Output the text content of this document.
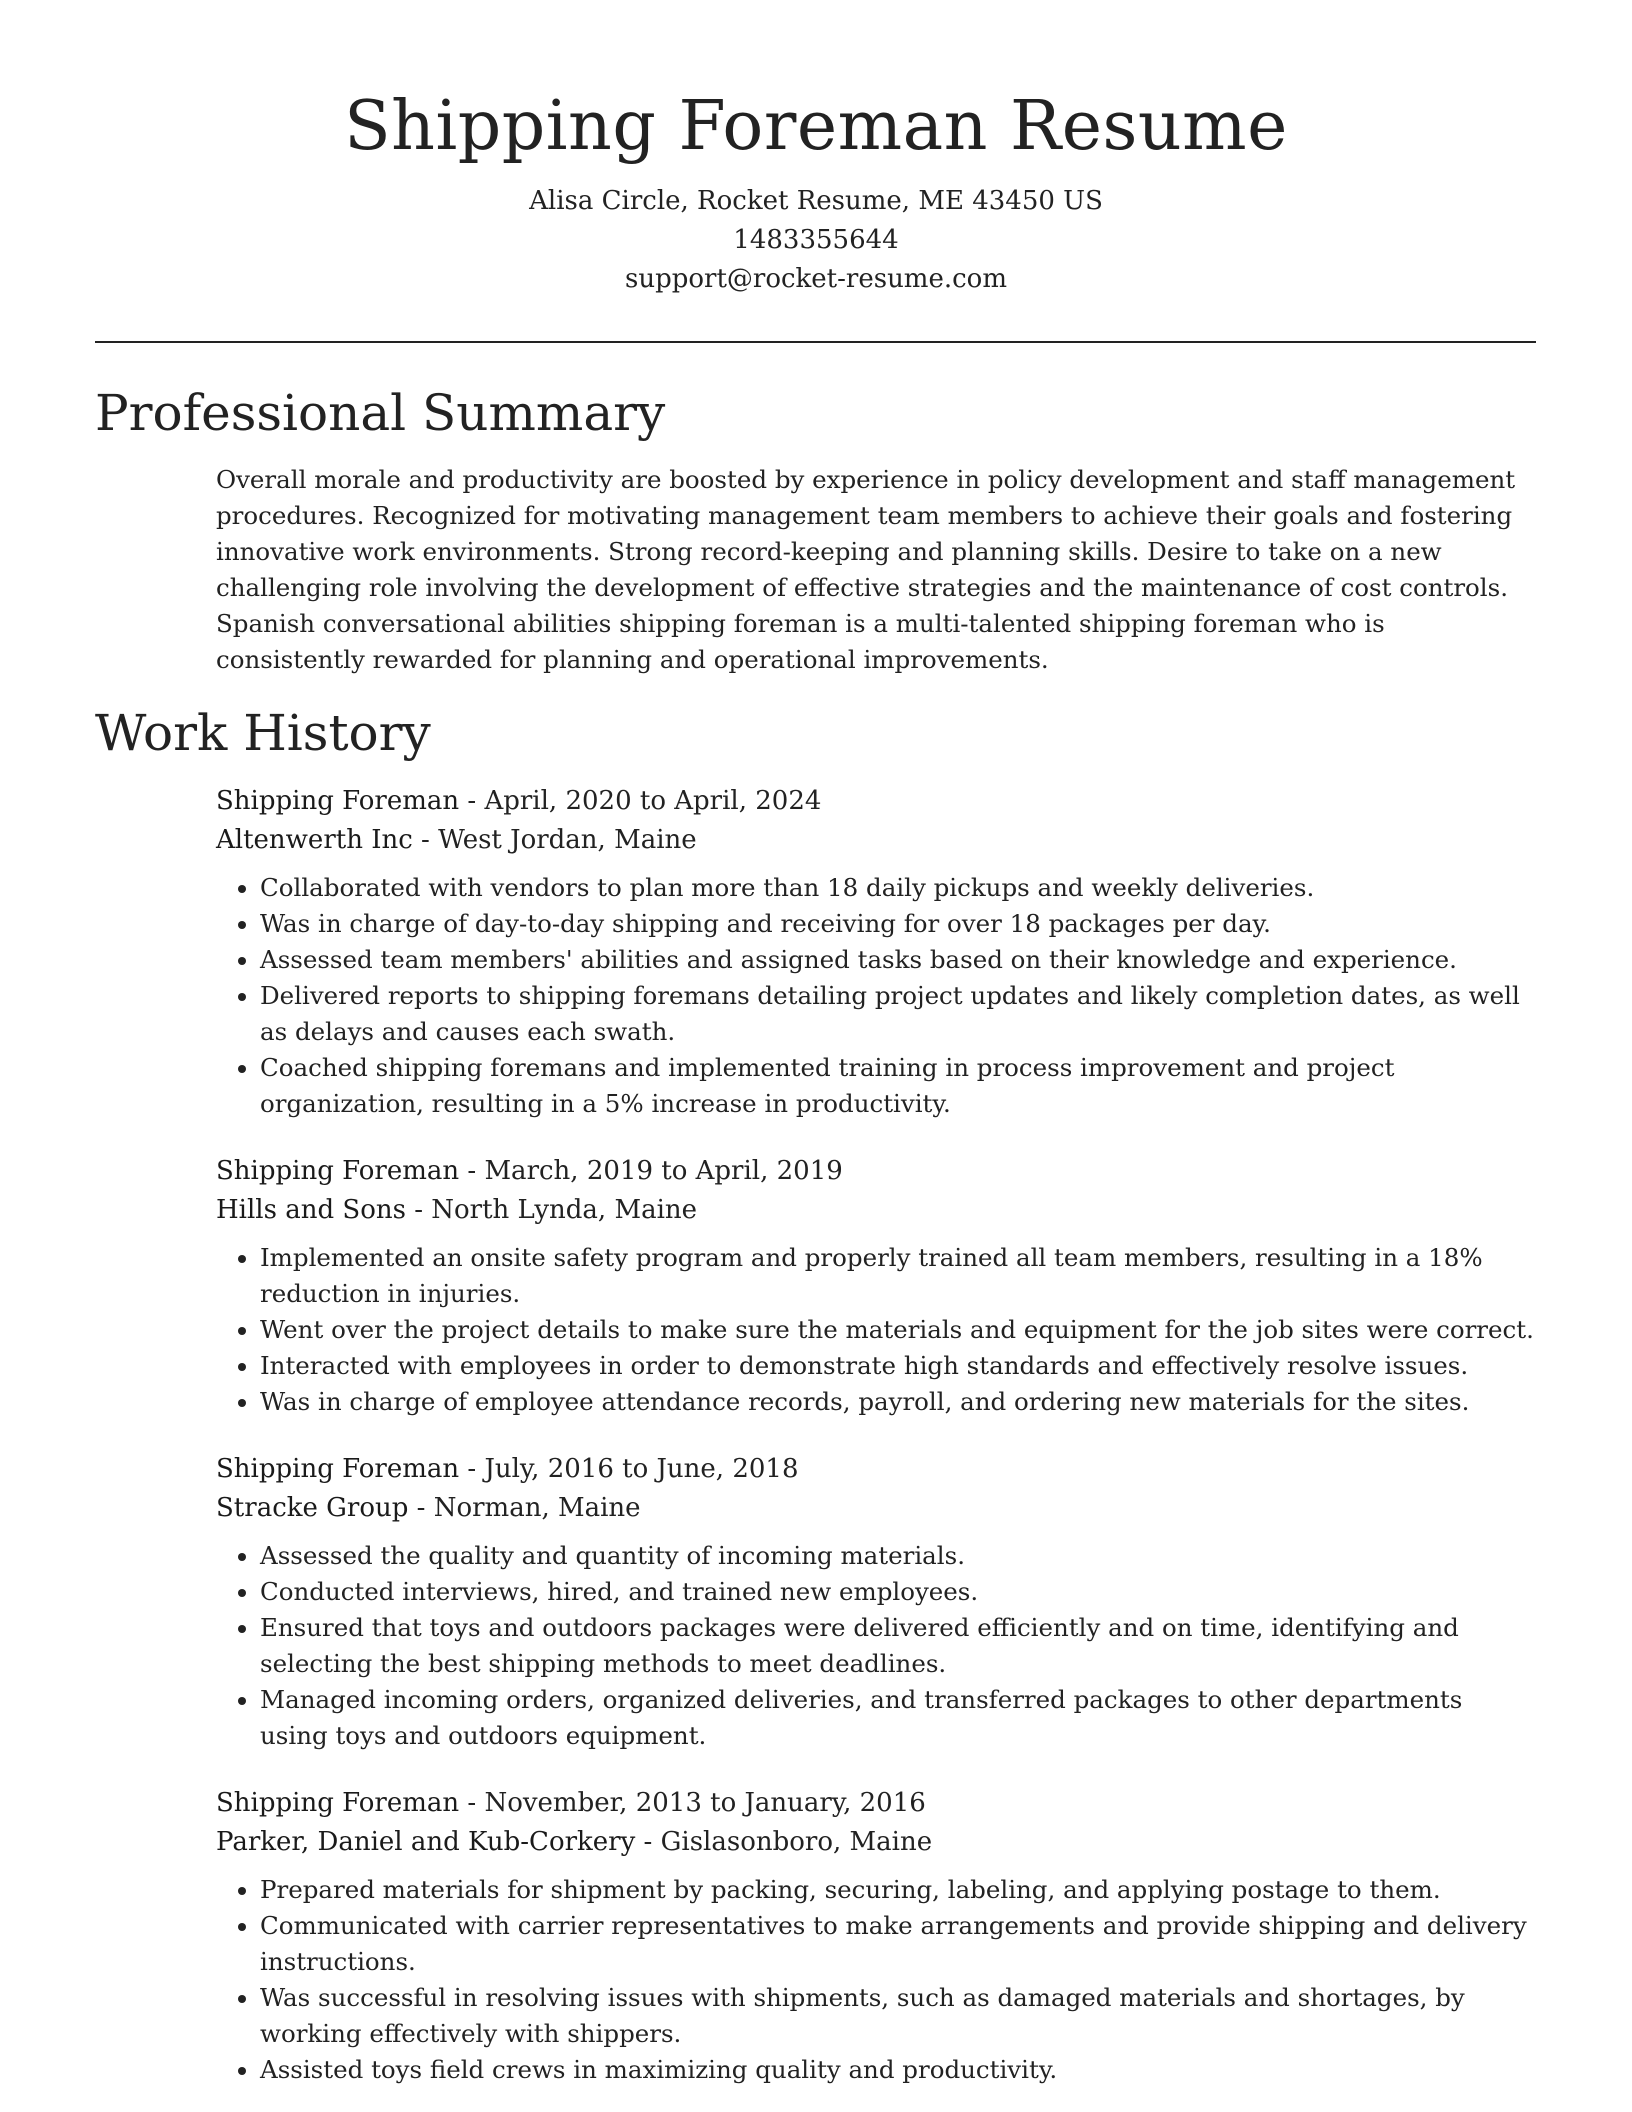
Shipping Foreman Resume
Alisa Circle, Rocket Resume, ME 43450 US
1483355644
support@rocket-resume.com
Professional Summary

Overall morale and productivity are boosted by experience in policy development and staff management procedures. Recognized for motivating management team members to achieve their goals and fostering innovative work environments. Strong record-keeping and planning skills. Desire to take on a new challenging role involving the development of effective strategies and the maintenance of cost controls. Spanish conversational abilities shipping foreman is a multi-talented shipping foreman who is consistently rewarded for planning and operational improvements.

Work History

Shipping Foreman - April, 2020 to April, 2024

Altenwerth Inc - West Jordan, Maine

• Collaborated with vendors to plan more than 18 daily pickups and weekly deliveries.
• Was in charge of day-to-day shipping and receiving for over 18 packages per day.
• Assessed team members' abilities and assigned tasks based on their knowledge and experience.
• Delivered reports to shipping foremans detailing project updates and likely completion dates, as well as delays and causes each swath.
• Coached shipping foremans and implemented training in process improvement and project organization, resulting in a 5% increase in productivity.

Shipping Foreman - March, 2019 to April, 2019

Hills and Sons - North Lynda, Maine

• Implemented an onsite safety program and properly trained all team members, resulting in a 18% reduction in injuries.
• Went over the project details to make sure the materials and equipment for the job sites were correct.
• Interacted with employees in order to demonstrate high standards and effectively resolve issues.
• Was in charge of employee attendance records, payroll, and ordering new materials for the sites.

Shipping Foreman - July, 2016 to June, 2018

Stracke Group - Norman, Maine

• Assessed the quality and quantity of incoming materials.
• Conducted interviews, hired, and trained new employees.
• Ensured that toys and outdoors packages were delivered efficiently and on time, identifying and selecting the best shipping methods to meet deadlines.
• Managed incoming orders, organized deliveries, and transferred packages to other departments using toys and outdoors equipment.

Shipping Foreman - November, 2013 to January, 2016

Parker, Daniel and Kub-Corkery - Gislasonboro, Maine

• Prepared materials for shipment by packing, securing, labeling, and applying postage to them.
• Communicated with carrier representatives to make arrangements and provide shipping and delivery instructions.
• Was successful in resolving issues with shipments, such as damaged materials and shortages, by working effectively with shippers.
• Assisted toys field crews in maximizing quality and productivity.
